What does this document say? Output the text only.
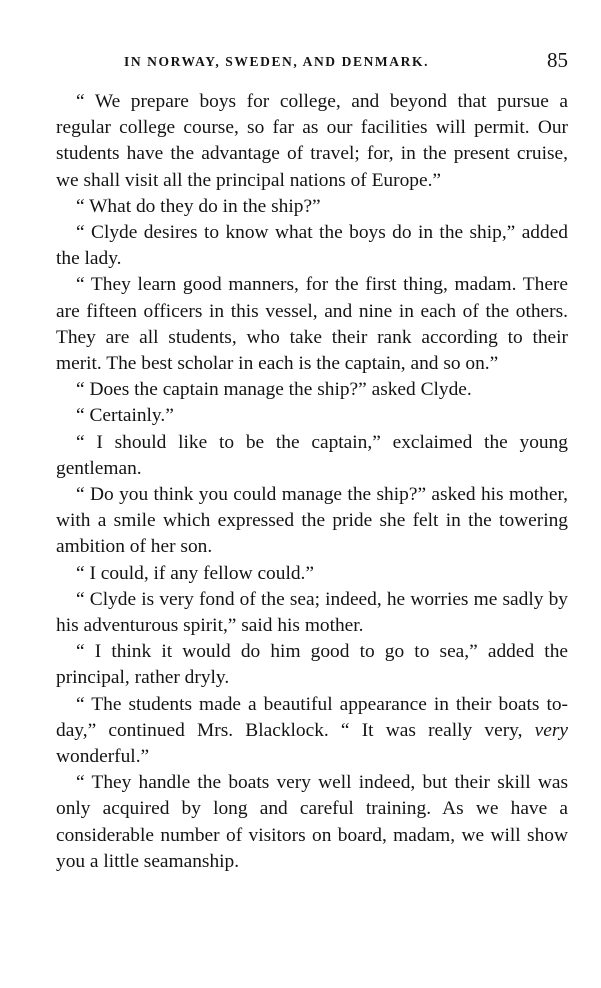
IN NORWAY, SWEDEN, AND DENMARK.	85

“ We prepare boys for college, and beyond that pursue a regular college course, so far as our facilities will permit. Our students have the advantage of travel; for, in the present cruise, we shall visit all the principal nations of Europe.”

“ What do they do in the ship?”

“ Clyde desires to know what the boys do in the ship,” added the lady.

“ They learn good manners, for the first thing, madam. There are fifteen officers in this vessel, and nine in each of the others. They are all students, who take their rank according to their merit. The best scholar in each is the captain, and so on.”

“ Does the captain manage the ship?” asked Clyde.

“ Certainly.”

“ I should like to be the captain,” exclaimed the young gentleman.

“ Do you think you could manage the ship?” asked his mother, with a smile which expressed the pride she felt in the towering ambition of her son.

“ I could, if any fellow could.”

“ Clyde is very fond of the sea; indeed, he worries me sadly by his adventurous spirit,” said his mother.

“ I think it would do him good to go to sea,” added the principal, rather dryly.

“ The students made a beautiful appearance in their boats to-day,” continued Mrs. Blacklock. “ It was really very, very wonderful.”

“ They handle the boats very well indeed, but their skill was only acquired by long and careful training. As we have a considerable number of visitors on board, madam, we will show you a little seamanship.
